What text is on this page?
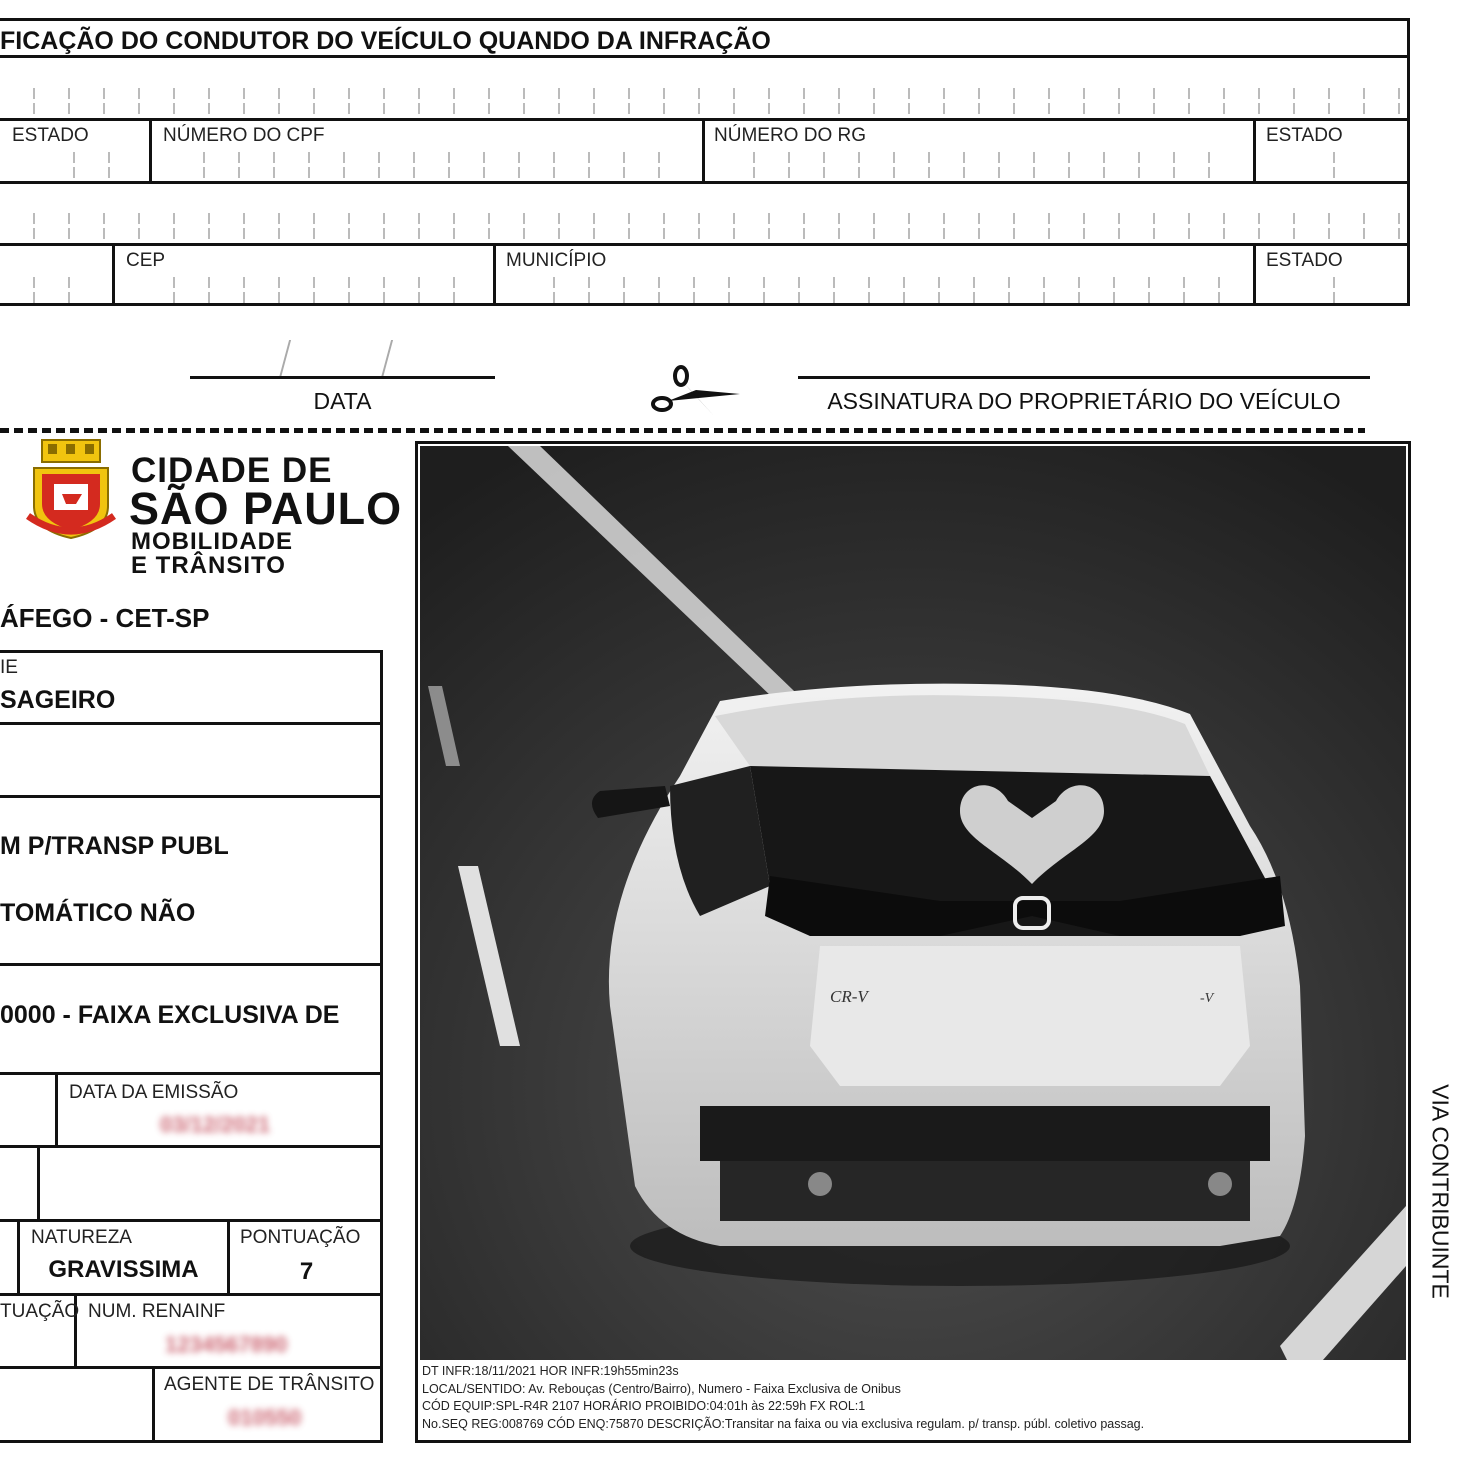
FICAÇÃO DO CONDUTOR DO VEÍCULO QUANDO DA INFRAÇÃO
ESTADO	NÚMERO DO CPF	NÚMERO DO RG	ESTADO
CEP	MUNICÍPIO	ESTADO
DATA	ASSINATURA DO PROPRIETÁRIO DO VEÍCULO
CIDADE DE
SÃO PAULO
MOBILIDADE
E TRÂNSITO
ÁFEGO - CET-SP
IE
SAGEIRO
M P/TRANSP PUBL
TOMÁTICO NÃO
0000 - FAIXA EXCLUSIVA DE
DATA DA EMISSÃO
03/12/2021
NATUREZA
GRAVISSIMA
PONTUAÇÃO
7
TUAÇÃO NUM. RENAINF
1234567890
AGENTE DE TRÂNSITO
010550
CR-V	-V
DT INFR:18/11/2021 HOR INFR:19h55min23s
LOCAL/SENTIDO: Av. Rebouças (Centro/Bairro), Numero - Faixa Exclusiva de Onibus
CÓD EQUIP:SPL-R4R 2107 HORÁRIO PROIBIDO:04:01h às 22:59h FX ROL:1
No.SEQ REG:008769 CÓD ENQ:75870 DESCRIÇÃO:Transitar na faixa ou via exclusiva regulam. p/ transp. públ. coletivo passag.
VIA CONTRIBUINTE
